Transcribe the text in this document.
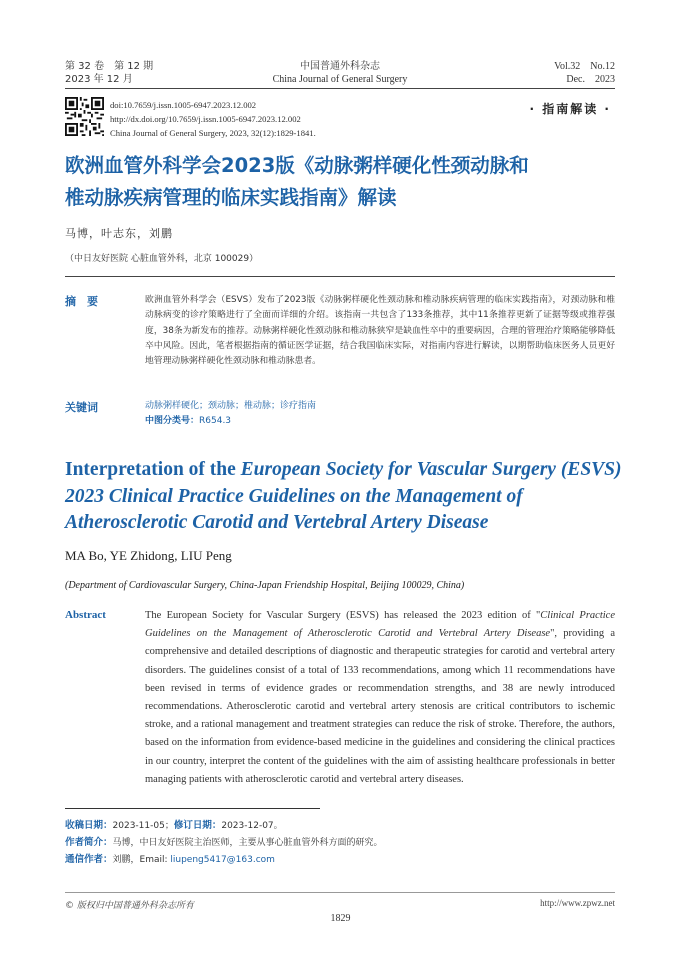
第 32 卷　第 12 期
2023 年 12 月
中国普通外科杂志
China Journal of General Surgery
Vol.32　No.12
Dec.　2023
doi:10.7659/j.issn.1005-6947.2023.12.002
http://dx.doi.org/10.7659/j.issn.1005-6947.2023.12.002
China Journal of General Surgery, 2023, 32(12):1829-1841.
· 指南解读 ·
欧洲血管外科学会2023版《动脉粥样硬化性颈动脉和
椎动脉疾病管理的临床实践指南》解读
马博，叶志东，刘鹏
（中日友好医院 心脏血管外科，北京 100029）
摘　要	欧洲血管外科学会（ESVS）发布了2023版《动脉粥样硬化性颈动脉和椎动脉疾病管理的临床实践指南》，对颈动脉和椎动脉病变的诊疗策略进行了全面而详细的介绍。该指南一共包含了133条推荐，其中11条推荐更新了证据等级或推荐强度，38条为新发布的推荐。动脉粥样硬化性颈动脉和椎动脉狭窄是缺血性卒中的重要病因，合理的管理治疗策略能够降低卒中风险。因此，笔者根据指南的循证医学证据，结合我国临床实际，对指南内容进行解读，以期帮助临床医务人员更好地管理动脉粥样硬化性颈动脉和椎动脉患者。
关键词	动脉粥样硬化；颈动脉；椎动脉；诊疗指南
中图分类号：R654.3
Interpretation of the European Society for Vascular Surgery (ESVS) 2023 Clinical Practice Guidelines on the Management of Atherosclerotic Carotid and Vertebral Artery Disease
MA Bo, YE Zhidong, LIU Peng
(Department of Cardiovascular Surgery, China-Japan Friendship Hospital, Beijing 100029, China)
Abstract	The European Society for Vascular Surgery (ESVS) has released the 2023 edition of "Clinical Practice Guidelines on the Management of Atherosclerotic Carotid and Vertebral Artery Disease", providing a comprehensive and detailed descriptions of diagnostic and therapeutic strategies for carotid and vertebral artery disorders. The guidelines consist of a total of 133 recommendations, among which 11 recommendations have been revised in terms of evidence grades or recommendation strengths, and 38 are newly introduced recommendations. Atherosclerotic carotid and vertebral artery stenosis are critical contributors to ischemic stroke, and a rational management and treatment strategies can reduce the risk of stroke. Therefore, the authors, based on the information from evidence-based medicine in the guidelines and considering the clinical practices in our country, interpret the content of the guidelines with the aim of assisting healthcare professionals in better managing patients with atherosclerotic carotid and vertebral artery diseases.
收稿日期：2023-11-05；修订日期：2023-12-07。
作者简介：马博，中日友好医院主治医师，主要从事心脏血管外科方面的研究。
通信作者：刘鹏，Email: liupeng5417@163.com
© 版权归中国普通外科杂志所有	http://www.zpwz.net
1829
